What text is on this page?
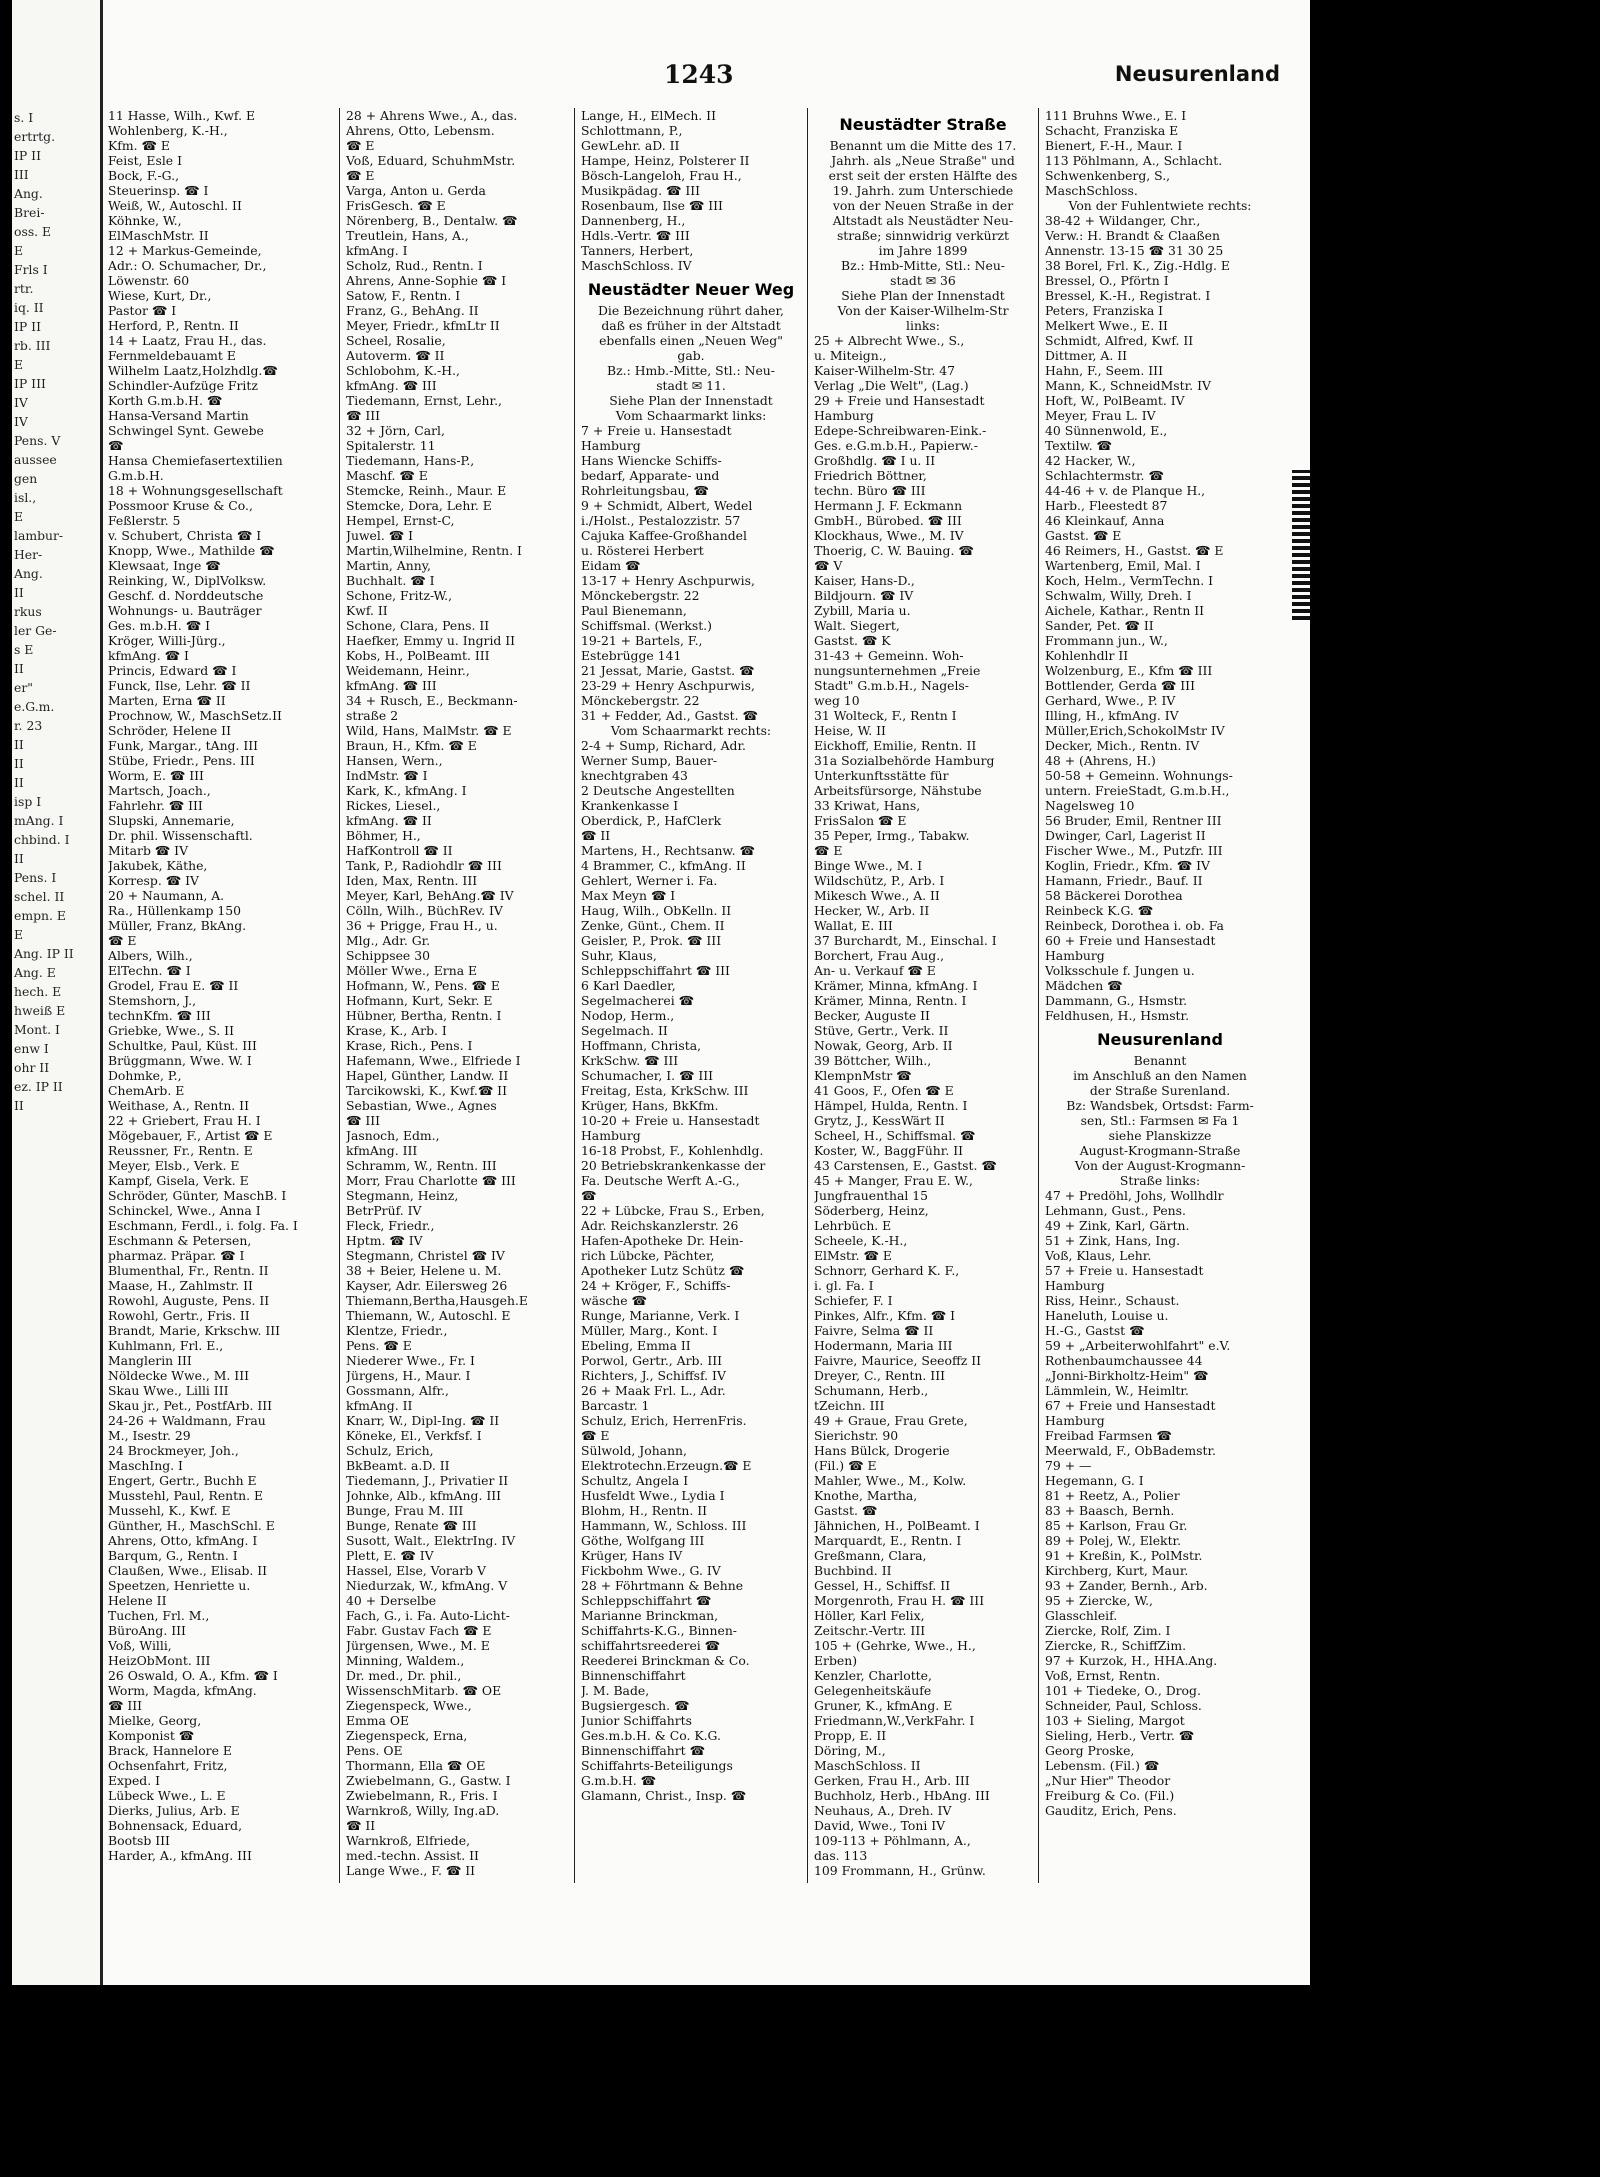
s. I
ertrtg.
IP II
III
Ang.
Brei-
oss. E
E
Frls I
rtr.
iq. II
IP II
rb. III
E
IP III
IV
IV
Pens. V
aussee
gen
isl.,
E
lambur-
Her-
Ang.
II
rkus
ler Ge-
s E
II
er"
e.G.m.
r. 23
II
II
II
isp I
mAng. I
chbind. I
II
Pens. I
schel. II
empn. E
E
Ang. IP II
Ang. E
hech. E
hweiß E
Mont. I
enw I
ohr II
ez. IP II
II
1243	Neusurenland
11 Hasse, Wilh., Kwf. E
Wohlenberg, K.-H.,
Kfm. ☎ E
Feist, Esle I
Bock, F.-G.,
Steuerinsp. ☎ I
Weiß, W., Autoschl. II
Köhnke, W.,
ElMaschMstr. II
12 + Markus-Gemeinde,
Adr.: O. Schumacher, Dr.,
Löwenstr. 60
Wiese, Kurt, Dr.,
Pastor ☎ I
Herford, P., Rentn. II
14 + Laatz, Frau H., das.
Fernmeldebauamt E
Wilhelm Laatz,Holzhdlg.☎
Schindler-Aufzüge Fritz
Korth G.m.b.H. ☎
Hansa-Versand Martin
Schwingel Synt. Gewebe
☎
Hansa Chemiefasertextilien
G.m.b.H.
18 + Wohnungsgesellschaft
Possmoor Kruse & Co.,
Feßlerstr. 5
v. Schubert, Christa ☎ I
Knopp, Wwe., Mathilde ☎
Klewsaat, Inge ☎
Reinking, W., DiplVolksw.
Geschf. d. Norddeutsche
Wohnungs- u. Bauträger
Ges. m.b.H. ☎ I
Kröger, Willi-Jürg.,
kfmAng. ☎ I
Princis, Edward ☎ I
Funck, Ilse, Lehr. ☎ II
Marten, Erna ☎ II
Prochnow, W., MaschSetz.II
Schröder, Helene II
Funk, Margar., tAng. III
Stübe, Friedr., Pens. III
Worm, E. ☎ III
Martsch, Joach.,
Fahrlehr. ☎ III
Slupski, Annemarie,
Dr. phil. Wissenschaftl.
Mitarb ☎ IV
Jakubek, Käthe,
Korresp. ☎ IV
20 + Naumann, A.
Ra., Hüllenkamp 150
Müller, Franz, BkAng.
☎ E
Albers, Wilh.,
ElTechn. ☎ I
Grodel, Frau E. ☎ II
Stemshorn, J.,
technKfm. ☎ III
Griebke, Wwe., S. II
Schultke, Paul, Küst. III
Brüggmann, Wwe. W. I
Dohmke, P.,
ChemArb. E
Weithase, A., Rentn. II
22 + Griebert, Frau H. I
Mögebauer, F., Artist ☎ E
Reussner, Fr., Rentn. E
Meyer, Elsb., Verk. E
Kampf, Gisela, Verk. E
Schröder, Günter, MaschB. I
Schinckel, Wwe., Anna I
Eschmann, Ferdl., i. folg. Fa. I
Eschmann & Petersen,
pharmaz. Präpar. ☎ I
Blumenthal, Fr., Rentn. II
Maase, H., Zahlmstr. II
Rowohl, Auguste, Pens. II
Rowohl, Gertr., Fris. II
Brandt, Marie, Krkschw. III
Kuhlmann, Frl. E.,
Manglerin III
Nöldecke Wwe., M. III
Skau Wwe., Lilli III
Skau jr., Pet., PostfArb. III
24-26 + Waldmann, Frau
M., Isestr. 29
24 Brockmeyer, Joh.,
MaschIng. I
Engert, Gertr., Buchh E
Musstehl, Paul, Rentn. E
Mussehl, K., Kwf. E
Günther, H., MaschSchl. E
Ahrens, Otto, kfmAng. I
Barqum, G., Rentn. I
Claußen, Wwe., Elisab. II
Speetzen, Henriette u.
Helene II
Tuchen, Frl. M.,
BüroAng. III
Voß, Willi,
HeizObMont. III
26 Oswald, O. A., Kfm. ☎ I
Worm, Magda, kfmAng.
☎ III
Mielke, Georg,
Komponist ☎
Brack, Hannelore E
Ochsenfahrt, Fritz,
Exped. I
Lübeck Wwe., L. E
Dierks, Julius, Arb. E
Bohnensack, Eduard,
Bootsb III
Harder, A., kfmAng. III
28 + Ahrens Wwe., A., das.
Ahrens, Otto, Lebensm.
☎ E
Voß, Eduard, SchuhmMstr.
☎ E
Varga, Anton u. Gerda
FrisGesch. ☎ E
Nörenberg, B., Dentalw. ☎
Treutlein, Hans, A.,
kfmAng. I
Scholz, Rud., Rentn. I
Ahrens, Anne-Sophie ☎ I
Satow, F., Rentn. I
Franz, G., BehAng. II
Meyer, Friedr., kfmLtr II
Scheel, Rosalie,
Autoverm. ☎ II
Schlobohm, K.-H.,
kfmAng. ☎ III
Tiedemann, Ernst, Lehr.,
☎ III
32 + Jörn, Carl,
Spitalerstr. 11
Tiedemann, Hans-P.,
Maschf. ☎ E
Stemcke, Reinh., Maur. E
Stemcke, Dora, Lehr. E
Hempel, Ernst-C,
Juwel. ☎ I
Martin,Wilhelmine, Rentn. I
Martin, Anny,
Buchhalt. ☎ I
Schone, Fritz-W.,
Kwf. II
Schone, Clara, Pens. II
Haefker, Emmy u. Ingrid II
Kobs, H., PolBeamt. III
Weidemann, Heinr.,
kfmAng. ☎ III
34 + Rusch, E., Beckmann-
straße 2
Wild, Hans, MalMstr. ☎ E
Braun, H., Kfm. ☎ E
Hansen, Wern.,
IndMstr. ☎ I
Kark, K., kfmAng. I
Rickes, Liesel.,
kfmAng. ☎ II
Böhmer, H.,
HafKontroll ☎ II
Tank, P., Radiohdlr ☎ III
Iden, Max, Rentn. III
Meyer, Karl, BehAng.☎ IV
Cölln, Wilh., BüchRev. IV
36 + Prigge, Frau H., u.
Mlg., Adr. Gr.
Schippsee 30
Möller Wwe., Erna E
Hofmann, W., Pens. ☎ E
Hofmann, Kurt, Sekr. E
Hübner, Bertha, Rentn. I
Krase, K., Arb. I
Krase, Rich., Pens. I
Hafemann, Wwe., Elfriede I
Hapel, Günther, Landw. II
Tarcikowski, K., Kwf.☎ II
Sebastian, Wwe., Agnes
☎ III
Jasnoch, Edm.,
kfmAng. III
Schramm, W., Rentn. III
Morr, Frau Charlotte ☎ III
Stegmann, Heinz,
BetrPrüf. IV
Fleck, Friedr.,
Hptm. ☎ IV
Stegmann, Christel ☎ IV
38 + Beier, Helene u. M.
Kayser, Adr. Eilersweg 26
Thiemann,Bertha,Hausgeh.E
Thiemann, W., Autoschl. E
Klentze, Friedr.,
Pens. ☎ E
Niederer Wwe., Fr. I
Jürgens, H., Maur. I
Gossmann, Alfr.,
kfmAng. II
Knarr, W., Dipl-Ing. ☎ II
Köneke, El., Verkfsf. I
Schulz, Erich,
BkBeamt. a.D. II
Tiedemann, J., Privatier II
Johnke, Alb., kfmAng. III
Bunge, Frau M. III
Bunge, Renate ☎ III
Susott, Walt., ElektrIng. IV
Plett, E. ☎ IV
Hassel, Else, Vorarb V
Niedurzak, W., kfmAng. V
40 + Derselbe
Fach, G., i. Fa. Auto-Licht-
Fabr. Gustav Fach ☎ E
Jürgensen, Wwe., M. E
Minning, Waldem.,
Dr. med., Dr. phil.,
WissenschMitarb. ☎ OE
Ziegenspeck, Wwe.,
Emma OE
Ziegenspeck, Erna,
Pens. OE
Thormann, Ella ☎ OE
Zwiebelmann, G., Gastw. I
Zwiebelmann, R., Fris. I
Warnkroß, Willy, Ing.aD.
☎ II
Warnkroß, Elfriede,
med.-techn. Assist. II
Lange Wwe., F. ☎ II
Lange, H., ElMech. II
Schlottmann, P.,
GewLehr. aD. II
Hampe, Heinz, Polsterer II
Bösch-Langeloh, Frau H.,
Musikpädag. ☎ III
Rosenbaum, Ilse ☎ III
Dannenberg, H.,
Hdls.-Vertr. ☎ III
Tanners, Herbert,
MaschSchloss. IV
Neustädter Neuer Weg
Die Bezeichnung rührt daher,
daß es früher in der Altstadt
ebenfalls einen „Neuen Weg"
gab.
Bz.: Hmb.-Mitte, Stl.: Neu-
stadt ✉ 11.
Siehe Plan der Innenstadt
Vom Schaarmarkt links:
7 + Freie u. Hansestadt
Hamburg
Hans Wiencke Schiffs-
bedarf, Apparate- und
Rohrleitungsbau, ☎
9 + Schmidt, Albert, Wedel
i./Holst., Pestalozzistr. 57
Cajuka Kaffee-Großhandel
u. Rösterei Herbert
Eidam ☎
13-17 + Henry Aschpurwis,
Mönckebergstr. 22
Paul Bienemann,
Schiffsmal. (Werkst.)
19-21 + Bartels, F.,
Estebrügge 141
21 Jessat, Marie, Gastst. ☎
23-29 + Henry Aschpurwis,
Mönckebergstr. 22
31 + Fedder, Ad., Gastst. ☎
Vom Schaarmarkt rechts:
2-4 + Sump, Richard, Adr.
Werner Sump, Bauer-
knechtgraben 43
2 Deutsche Angestellten
Krankenkasse I
Oberdick, P., HafClerk
☎ II
Martens, H., Rechtsanw. ☎
4 Brammer, C., kfmAng. II
Gehlert, Werner i. Fa.
Max Meyn ☎ I
Haug, Wilh., ObKelln. II
Zenke, Günt., Chem. II
Geisler, P., Prok. ☎ III
Suhr, Klaus,
Schleppschiffahrt ☎ III
6 Karl Daedler,
Segelmacherei ☎
Nodop, Herm.,
Segelmach. II
Hoffmann, Christa,
KrkSchw. ☎ III
Schumacher, I. ☎ III
Freitag, Esta, KrkSchw. III
Krüger, Hans, BkKfm.
10-20 + Freie u. Hansestadt
Hamburg
16-18 Probst, F., Kohlenhdlg.
20 Betriebskrankenkasse der
Fa. Deutsche Werft A.-G.,
☎
22 + Lübcke, Frau S., Erben,
Adr. Reichskanzlerstr. 26
Hafen-Apotheke Dr. Hein-
rich Lübcke, Pächter,
Apotheker Lutz Schütz ☎
24 + Kröger, F., Schiffs-
wäsche ☎
Runge, Marianne, Verk. I
Müller, Marg., Kont. I
Ebeling, Emma II
Porwol, Gertr., Arb. III
Richters, J., Schiffsf. IV
26 + Maak Frl. L., Adr.
Barcastr. 1
Schulz, Erich, HerrenFris.
☎ E
Sülwold, Johann,
Elektrotechn.Erzeugn.☎ E
Schultz, Angela I
Husfeldt Wwe., Lydia I
Blohm, H., Rentn. II
Hammann, W., Schloss. III
Göthe, Wolfgang III
Krüger, Hans IV
Fickbohm Wwe., G. IV
28 + Föhrtmann & Behne
Schleppschiffahrt ☎
Marianne Brinckman,
Schiffahrts-K.G., Binnen-
schiffahrtsreederei ☎
Reederei Brinckman & Co.
Binnenschiffahrt
J. M. Bade,
Bugsiergesch. ☎
Junior Schiffahrts
Ges.m.b.H. & Co. K.G.
Binnenschiffahrt ☎
Schiffahrts-Beteiligungs
G.m.b.H. ☎
Glamann, Christ., Insp. ☎
Neustädter Straße
Benannt um die Mitte des 17.
Jahrh. als „Neue Straße" und
erst seit der ersten Hälfte des
19. Jahrh. zum Unterschiede
von der Neuen Straße in der
Altstadt als Neustädter Neu-
straße; sinnwidrig verkürzt
im Jahre 1899
Bz.: Hmb-Mitte, Stl.: Neu-
stadt ✉ 36
Siehe Plan der Innenstadt
Von der Kaiser-Wilhelm-Str
links:
25 + Albrecht Wwe., S.,
u. Miteign.,
Kaiser-Wilhelm-Str. 47
Verlag „Die Welt", (Lag.)
29 + Freie und Hansestadt
Hamburg
Edepe-Schreibwaren-Eink.-
Ges. e.G.m.b.H., Papierw.-
Großhdlg. ☎ I u. II
Friedrich Böttner,
techn. Büro ☎ III
Hermann J. F. Eckmann
GmbH., Bürobed. ☎ III
Klockhaus, Wwe., M. IV
Thoerig, C. W. Bauing. ☎
☎ V
Kaiser, Hans-D.,
Bildjourn. ☎ IV
Zybill, Maria u.
Walt. Siegert,
Gastst. ☎ K
31-43 + Gemeinn. Woh-
nungsunternehmen „Freie
Stadt" G.m.b.H., Nagels-
weg 10
31 Wolteck, F., Rentn I
Heise, W. II
Eickhoff, Emilie, Rentn. II
31a Sozialbehörde Hamburg
Unterkunftsstätte für
Arbeitsfürsorge, Nähstube
33 Kriwat, Hans,
FrisSalon ☎ E
35 Peper, Irmg., Tabakw.
☎ E
Binge Wwe., M. I
Wildschütz, P., Arb. I
Mikesch Wwe., A. II
Hecker, W., Arb. II
Wallat, E. III
37 Burchardt, M., Einschal. I
Borchert, Frau Aug.,
An- u. Verkauf ☎ E
Krämer, Minna, kfmAng. I
Krämer, Minna, Rentn. I
Becker, Auguste II
Stüve, Gertr., Verk. II
Nowak, Georg, Arb. II
39 Böttcher, Wilh.,
KlempnMstr ☎
41 Goos, F., Ofen ☎ E
Hämpel, Hulda, Rentn. I
Grytz, J., KessWärt II
Scheel, H., Schiffsmal. ☎
Koster, W., BaggFühr. II
43 Carstensen, E., Gastst. ☎
45 + Manger, Frau E. W.,
Jungfrauenthal 15
Söderberg, Heinz,
Lehrbüch. E
Scheele, K.-H.,
ElMstr. ☎ E
Schnorr, Gerhard K. F.,
i. gl. Fa. I
Schiefer, F. I
Pinkes, Alfr., Kfm. ☎ I
Faivre, Selma ☎ II
Hodermann, Maria III
Faivre, Maurice, Seeoffz II
Dreyer, C., Rentn. III
Schumann, Herb.,
tZeichn. III
49 + Graue, Frau Grete,
Sierichstr. 90
Hans Bülck, Drogerie
(Fil.) ☎ E
Mahler, Wwe., M., Kolw.
Knothe, Martha,
Gastst. ☎
Jähnichen, H., PolBeamt. I
Marquardt, E., Rentn. I
Greßmann, Clara,
Buchbind. II
Gessel, H., Schiffsf. II
Morgenroth, Frau H. ☎ III
Höller, Karl Felix,
Zeitschr.-Vertr. III
105 + (Gehrke, Wwe., H.,
Erben)
Kenzler, Charlotte,
Gelegenheitskäufe
Gruner, K., kfmAng. E
Friedmann,W.,VerkFahr. I
Propp, E. II
Döring, M.,
MaschSchloss. II
Gerken, Frau H., Arb. III
Buchholz, Herb., HbAng. III
Neuhaus, A., Dreh. IV
David, Wwe., Toni IV
109-113 + Pöhlmann, A.,
das. 113
109 Frommann, H., Grünw.
111 Bruhns Wwe., E. I
Schacht, Franziska E
Bienert, F.-H., Maur. I
113 Pöhlmann, A., Schlacht.
Schwenkenberg, S.,
MaschSchloss.
Von der Fuhlentwiete rechts:
38-42 + Wildanger, Chr.,
Verw.: H. Brandt & Claaßen
Annenstr. 13-15 ☎ 31 30 25
38 Borel, Frl. K., Zig.-Hdlg. E
Bressel, O., Pförtn I
Bressel, K.-H., Registrat. I
Peters, Franziska I
Melkert Wwe., E. II
Schmidt, Alfred, Kwf. II
Dittmer, A. II
Hahn, F., Seem. III
Mann, K., SchneidMstr. IV
Hoft, W., PolBeamt. IV
Meyer, Frau L. IV
40 Sünnenwold, E.,
Textilw. ☎
42 Hacker, W.,
Schlachtermstr. ☎
44-46 + v. de Planque H.,
Harb., Fleestedt 87
46 Kleinkauf, Anna
Gastst. ☎ E
46 Reimers, H., Gastst. ☎ E
Wartenberg, Emil, Mal. I
Koch, Helm., VermTechn. I
Schwalm, Willy, Dreh. I
Aichele, Kathar., Rentn II
Sander, Pet. ☎ II
Frommann jun., W.,
Kohlenhdlr II
Wolzenburg, E., Kfm ☎ III
Bottlender, Gerda ☎ III
Gerhard, Wwe., P. IV
Illing, H., kfmAng. IV
Müller,Erich,SchokolMstr IV
Decker, Mich., Rentn. IV
48 + (Ahrens, H.)
50-58 + Gemeinn. Wohnungs-
untern. FreieStadt, G.m.b.H.,
Nagelsweg 10
56 Bruder, Emil, Rentner III
Dwinger, Carl, Lagerist II
Fischer Wwe., M., Putzfr. III
Koglin, Friedr., Kfm. ☎ IV
Hamann, Friedr., Bauf. II
58 Bäckerei Dorothea
Reinbeck K.G. ☎
Reinbeck, Dorothea i. ob. Fa
60 + Freie und Hansestadt
Hamburg
Volksschule f. Jungen u.
Mädchen ☎
Dammann, G., Hsmstr.
Feldhusen, H., Hsmstr.
Neusurenland
Benannt
im Anschluß an den Namen
der Straße Surenland.
Bz: Wandsbek, Ortsdst: Farm-
sen, Stl.: Farmsen ✉ Fa 1
siehe Planskizze
August-Krogmann-Straße
Von der August-Krogmann-
Straße links:
47 + Predöhl, Johs, Wollhdlr
Lehmann, Gust., Pens.
49 + Zink, Karl, Gärtn.
51 + Zink, Hans, Ing.
Voß, Klaus, Lehr.
57 + Freie u. Hansestadt
Hamburg
Riss, Heinr., Schaust.
Haneluth, Louise u.
H.-G., Gastst ☎
59 + „Arbeiterwohlfahrt" e.V.
Rothenbaumchaussee 44
„Jonni-Birkholtz-Heim" ☎
Lämmlein, W., Heimltr.
67 + Freie und Hansestadt
Hamburg
Freibad Farmsen ☎
Meerwald, F., ObBademstr.
79 + —
Hegemann, G. I
81 + Reetz, A., Polier
83 + Baasch, Bernh.
85 + Karlson, Frau Gr.
89 + Polej, W., Elektr.
91 + Kreßin, K., PolMstr.
Kirchberg, Kurt, Maur.
93 + Zander, Bernh., Arb.
95 + Ziercke, W.,
Glasschleif.
Ziercke, Rolf, Zim. I
Ziercke, R., SchiffZim.
97 + Kurzok, H., HHA.Ang.
Voß, Ernst, Rentn.
101 + Tiedeke, O., Drog.
Schneider, Paul, Schloss.
103 + Sieling, Margot
Sieling, Herb., Vertr. ☎
Georg Proske,
Lebensm. (Fil.) ☎
„Nur Hier" Theodor
Freiburg & Co. (Fil.)
Gauditz, Erich, Pens.
